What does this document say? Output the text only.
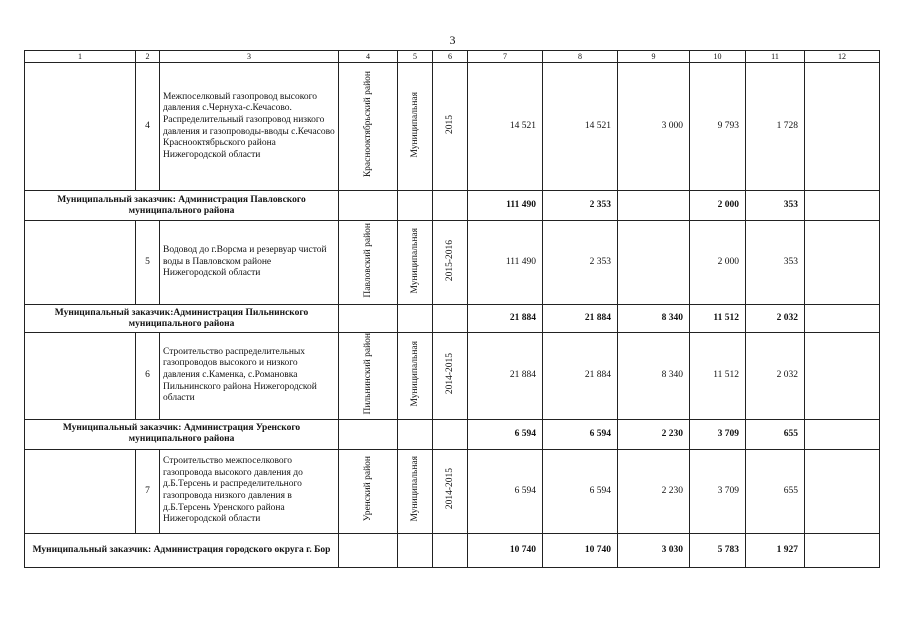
3
1	2	3	4	5	6	7	8	9	10	11	12
	4	Межпоселковый газопровод высокого давления с.Чернуха-с.Кечасово. Распределительный газопровод низкого давления и газопроводы-вводы с.Кечасово Краснооктябрьского района Нижегородской области	Краснооктябрьский район	Муниципальная	2015	14 521	14 521	3 000	9 793	1 728	
Муниципальный заказчик: Администрация Павловского муниципального района						111 490	2 353		2 000	353	
	5	Водовод до г.Ворсма и резервуар чистой воды в Павловском районе Нижегородской области	Павловский район	Муниципальная	2015-2016	111 490	2 353		2 000	353	
Муниципальный заказчик:Администрация Пильнинского муниципального района						21 884	21 884	8 340	11 512	2 032	
	6	Строительство распределительных газопроводов высокого и низкого давления с.Каменка, с.Романовка Пильнинского района Нижегородской области	Пильнинский район	Муниципальная	2014-2015	21 884	21 884	8 340	11 512	2 032	
Муниципальный заказчик: Администрация Уренского муниципального района						6 594	6 594	2 230	3 709	655	
	7	Строительство межпоселкового газопровода высокого давления до д.Б.Терсень и распределительного газопровода низкого давления в д.Б.Терсень Уренского района Нижегородской области	Уренский район	Муниципальная	2014-2015	6 594	6 594	2 230	3 709	655	
Муниципальный заказчик: Администрация городского округа г. Бор						10 740	10 740	3 030	5 783	1 927	
